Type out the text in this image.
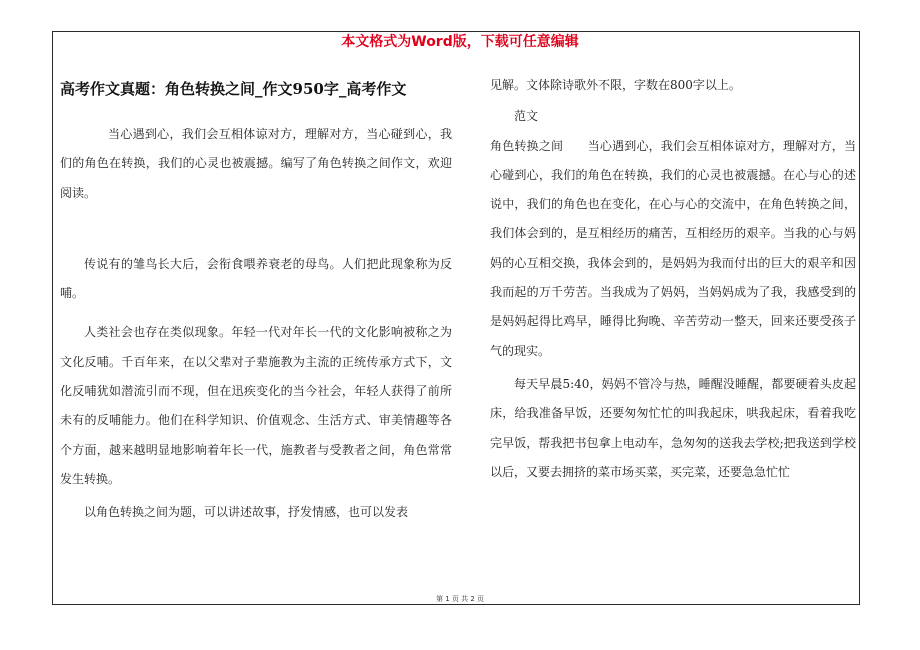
本文格式为Word版，下载可任意编辑
高考作文真题：角色转换之间_作文950字_高考作文

当心遇到心，我们会互相体谅对方，理解对方，当心碰到心，我们的角色在转换，我们的心灵也被震撼。编写了角色转换之间作文，欢迎阅读。

传说有的雏鸟长大后，会衔食喂养衰老的母鸟。人们把此现象称为反哺。

人类社会也存在类似现象。年轻一代对年长一代的文化影响被称之为文化反哺。千百年来，在以父辈对子辈施教为主流的正统传承方式下，文化反哺犹如潜流引而不现，但在迅疾变化的当今社会，年轻人获得了前所未有的反哺能力。他们在科学知识、价值观念、生活方式、审美情趣等各个方面，越来越明显地影响着年长一代，施教者与受教者之间，角色常常发生转换。

以角色转换之间为题，可以讲述故事，抒发情感，也可以发表

见解。文体除诗歌外不限，字数在800字以上。

范文

角色转换之间　　当心遇到心，我们会互相体谅对方，理解对方，当心碰到心，我们的角色在转换，我们的心灵也被震撼。在心与心的述说中，我们的角色也在变化，在心与心的交流中，在角色转换之间，我们体会到的，是互相经历的痛苦，互相经历的艰辛。当我的心与妈妈的心互相交换，我体会到的，是妈妈为我而付出的巨大的艰辛和因我而起的万千劳苦。当我成为了妈妈，当妈妈成为了我，我感受到的是妈妈起得比鸡早，睡得比狗晚、辛苦劳动一整天，回来还要受孩子气的现实。

每天早晨5:40，妈妈不管冷与热，睡醒没睡醒，都要硬着头皮起床，给我准备早饭，还要匆匆忙忙的叫我起床，哄我起床，看着我吃完早饭，帮我把书包拿上电动车，急匆匆的送我去学校;把我送到学校以后，又要去拥挤的菜市场买菜，买完菜，还要急急忙忙

第 1 页 共 2 页
